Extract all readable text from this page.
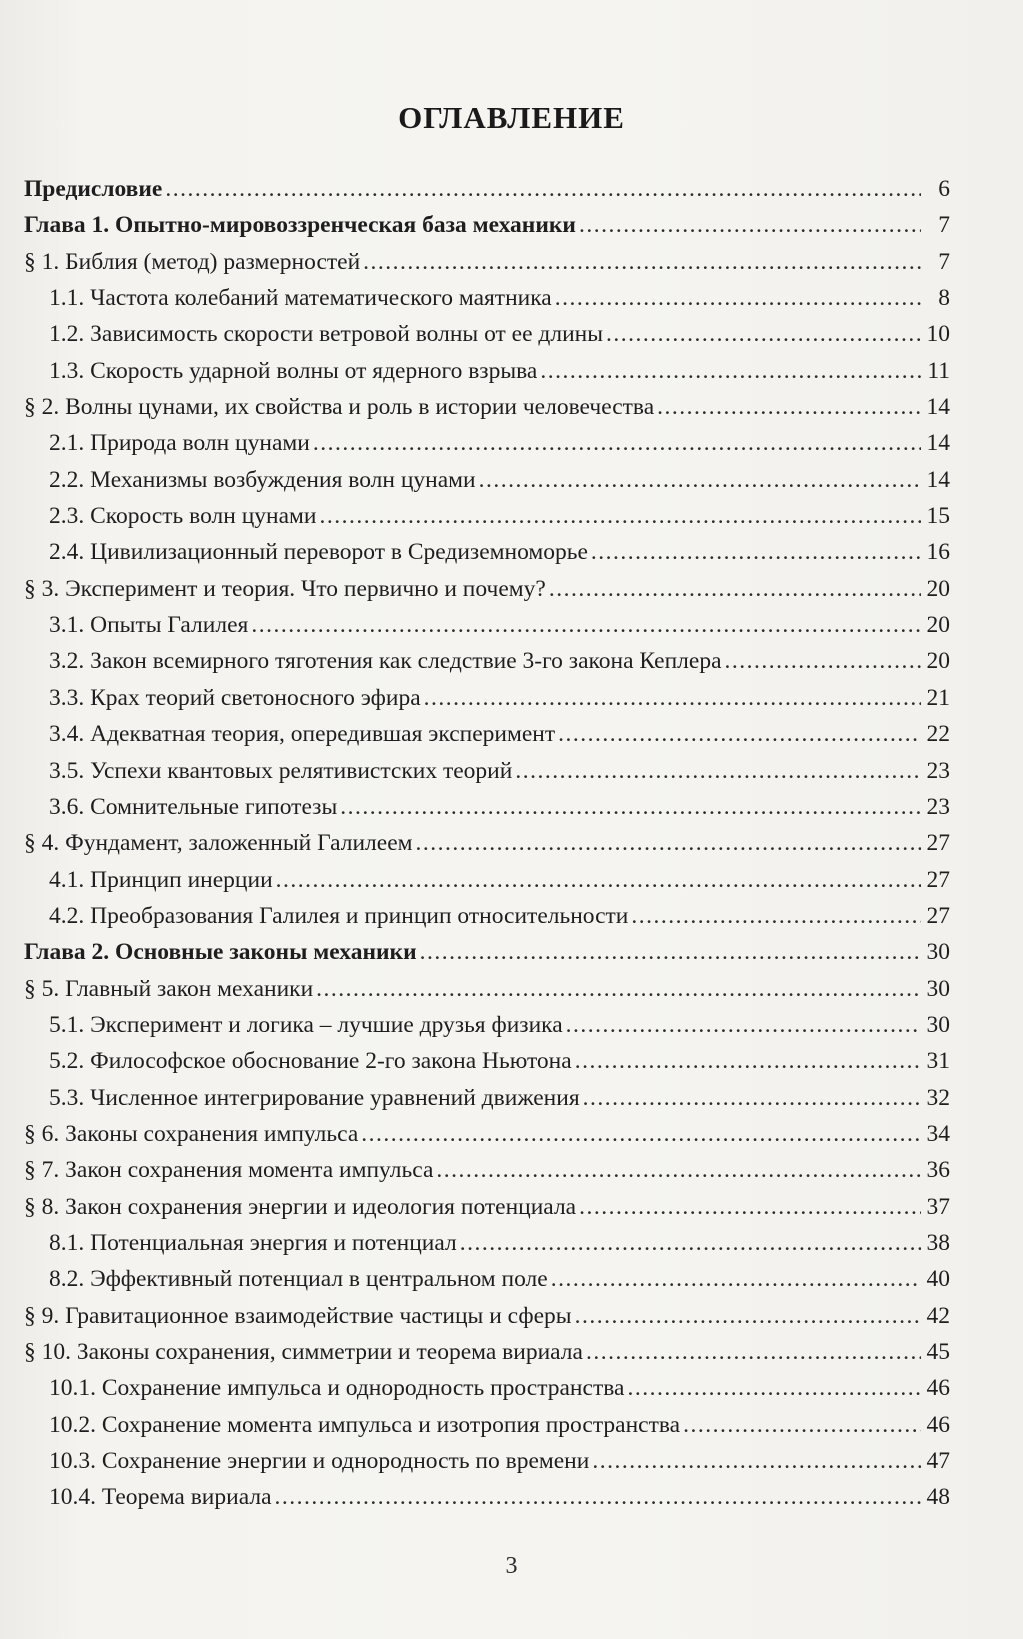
ОГЛАВЛЕНИЕ
Предисловие .....	6
Глава 1. Опытно-мировоззренческая база механики .....	7
§ 1. Библия (метод) размерностей .....	7
1.1. Частота колебаний математического маятника .....	8
1.2. Зависимость скорости ветровой волны от ее длины .....	10
1.3. Скорость ударной волны от ядерного взрыва .....	11
§ 2. Волны цунами, их свойства и роль в истории человечества .....	14
2.1. Природа волн цунами .....	14
2.2. Механизмы возбуждения волн цунами .....	14
2.3. Скорость волн цунами .....	15
2.4. Цивилизационный переворот в Средиземноморье .....	16
§ 3. Эксперимент и теория. Что первично и почему? .....	20
3.1. Опыты Галилея .....	20
3.2. Закон всемирного тяготения как следствие 3-го закона Кеплера .....	20
3.3. Крах теорий светоносного эфира .....	21
3.4. Адекватная теория, опередившая эксперимент .....	22
3.5. Успехи квантовых релятивистских теорий .....	23
3.6. Сомнительные гипотезы .....	23
§ 4. Фундамент, заложенный Галилеем .....	27
4.1. Принцип инерции .....	27
4.2. Преобразования Галилея и принцип относительности .....	27
Глава 2. Основные законы механики .....	30
§ 5. Главный закон механики .....	30
5.1. Эксперимент и логика – лучшие друзья физика .....	30
5.2. Философское обоснование 2-го закона Ньютона .....	31
5.3. Численное интегрирование уравнений движения .....	32
§ 6. Законы сохранения импульса .....	34
§ 7. Закон сохранения момента импульса .....	36
§ 8. Закон сохранения энергии и идеология потенциала .....	37
8.1. Потенциальная энергия и потенциал .....	38
8.2. Эффективный потенциал в центральном поле .....	40
§ 9. Гравитационное взаимодействие частицы и сферы .....	42
§ 10. Законы сохранения, симметрии и теорема вириала .....	45
10.1. Сохранение импульса и однородность пространства .....	46
10.2. Сохранение момента импульса и изотропия пространства .....	46
10.3. Сохранение энергии и однородность по времени .....	47
10.4. Теорема вириала .....	48
3
